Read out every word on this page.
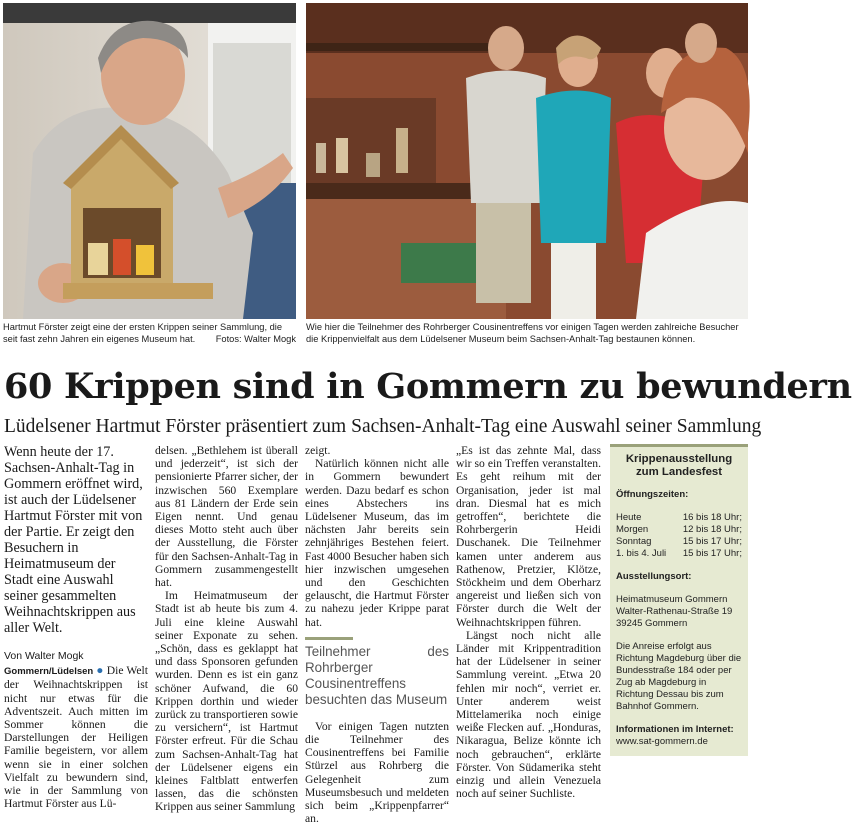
Hartmut Förster zeigt eine der ersten Krippen seiner Sammlung, die seit fast zehn Jahren ein eigenes Museum hat. Fotos: Walter Mogk
Wie hier die Teilnehmer des Rohrberger Cousinentreffens vor einigen Tagen werden zahlreiche Besucher die Krippenvielfalt aus dem Lüdelsener Museum beim Sachsen-Anhalt-Tag bestaunen können.
60 Krippen sind in Gommern zu bewundern
Lüdelsener Hartmut Förster präsentiert zum Sachsen-Anhalt-Tag eine Auswahl seiner Sammlung

Wenn heute der 17. Sachsen-Anhalt-Tag in Gommern eröffnet wird, ist auch der Lüdelsener Hartmut Förster mit von der Partie. Er zeigt den Besuchern in Heimatmuseum der Stadt eine Auswahl seiner gesammelten Weihnachtskrippen aus aller Welt.

Von Walter Mogk

Gommern/Lüdelsen ● Die Welt der Weihnachtskrippen ist nicht nur etwas für die Adventszeit. Auch mitten im Sommer können die Darstellungen der Heiligen Familie begeistern, vor allem wenn sie in einer solchen Vielfalt zu bewundern sind, wie in der Sammlung von Hartmut Förster aus Lü-

delsen. „Bethlehem ist überall und jederzeit“, ist sich der pensionierte Pfarrer sicher, der inzwischen 560 Exemplare aus 81 Ländern der Erde sein Eigen nennt. Und genau dieses Motto steht auch über der Ausstellung, die Förster für den Sachsen-Anhalt-Tag in Gommern zusammengestellt hat.

Im Heimatmuseum der Stadt ist ab heute bis zum 4. Juli eine kleine Auswahl seiner Exponate zu sehen. „Schön, dass es geklappt hat und dass Sponsoren gefunden wurden. Denn es ist ein ganz schöner Aufwand, die 60 Krippen dorthin und wieder zurück zu transportieren sowie zu versichern“, ist Hartmut Förster erfreut. Für die Schau zum Sachsen-Anhalt-Tag hat der Lüdelsener eigens ein kleines Faltblatt entwerfen lassen, das die schönsten Krippen aus seiner Sammlung

zeigt.

Natürlich können nicht alle in Gommern bewundert werden. Dazu bedarf es schon eines Abstechers ins Lüdelsener Museum, das im nächsten Jahr bereits sein zehnjähriges Bestehen feiert. Fast 4000 Besucher haben sich hier inzwischen umgesehen und den Geschichten gelauscht, die Hartmut Förster zu nahezu jeder Krippe parat hat.

Teilnehmer des Rohrberger Cousinentreffens besuchten das Museum

Vor einigen Tagen nutzten die Teilnehmer des Cousinentreffens bei Familie Stürzel aus Rohrberg die Gelegenheit zum Museumsbesuch und meldeten sich beim „Krippenpfarrer“ an.

„Es ist das zehnte Mal, dass wir so ein Treffen veranstalten. Es geht reihum mit der Organisation, jeder ist mal dran. Diesmal hat es mich getroffen“, berichtete die Rohrbergerin Heidi Duschanek. Die Teilnehmer kamen unter anderem aus Rathenow, Pretzier, Klötze, Stöckheim und dem Oberharz angereist und ließen sich von Förster durch die Welt der Weihnachtskrippen führen.

Längst noch nicht alle Länder mit Krippentradition hat der Lüdelsener in seiner Sammlung vereint. „Etwa 20 fehlen mir noch“, verriet er. Unter anderem weist Mittelamerika noch einige weiße Flecken auf. „Honduras, Nikaragua, Belize könnte ich noch gebrauchen“, erklärte Förster. Von Südamerika steht einzig und allein Venezuela noch auf seiner Suchliste.

Krippenausstellung zum Landesfest
Öffnungszeiten:
Heute	16 bis 18 Uhr;
Morgen	12 bis 18 Uhr;
Sonntag	15 bis 17 Uhr;
1. bis 4. Juli	15 bis 17 Uhr;
Ausstellungsort:
Heimatmuseum Gommern
Walter-Rathenau-Straße 19
39245 Gommern
Die Anreise erfolgt aus Richtung Magdeburg über die Bundesstraße 184 oder per Zug ab Magdeburg in Richtung Dessau bis zum Bahnhof Gommern.
Informationen im Internet:
www.sat-gommern.de
